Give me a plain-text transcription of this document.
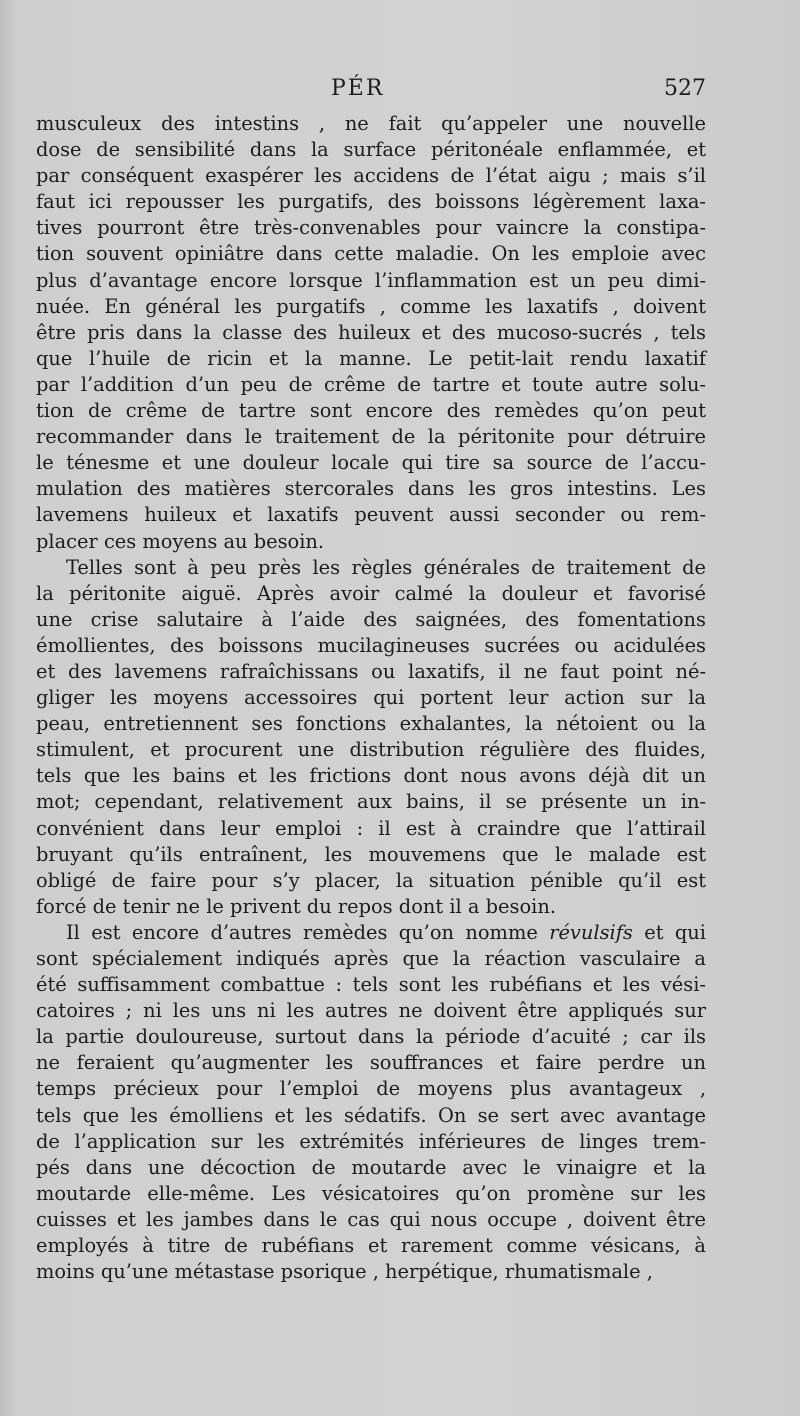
PÉR	527
musculeux des intestins , ne fait qu’appeler une nouvelle
dose de sensibilité dans la surface péritonéale enflammée, et
par conséquent exaspérer les accidens de l’état aigu ; mais s’il
faut ici repousser les purgatifs, des boissons légèrement laxa-
tives pourront être très-convenables pour vaincre la constipa-
tion souvent opiniâtre dans cette maladie. On les emploie avec
plus d’avantage encore lorsque l’inflammation est un peu dimi-
nuée. En général les purgatifs , comme les laxatifs , doivent
être pris dans la classe des huileux et des mucoso-sucrés , tels
que l’huile de ricin et la manne. Le petit-lait rendu laxatif
par l’addition d’un peu de crême de tartre et toute autre solu-
tion de crême de tartre sont encore des remèdes qu’on peut
recommander dans le traitement de la péritonite pour détruire
le ténesme et une douleur locale qui tire sa source de l’accu-
mulation des matières stercorales dans les gros intestins. Les
lavemens huileux et laxatifs peuvent aussi seconder ou rem-
placer ces moyens au besoin.
Telles sont à peu près les règles générales de traitement de
la péritonite aiguë. Après avoir calmé la douleur et favorisé
une crise salutaire à l’aide des saignées, des fomentations
émollientes, des boissons mucilagineuses sucrées ou acidulées
et des lavemens rafraîchissans ou laxatifs, il ne faut point né-
gliger les moyens accessoires qui portent leur action sur la
peau, entretiennent ses fonctions exhalantes, la nétoient ou la
stimulent, et procurent une distribution régulière des fluides,
tels que les bains et les frictions dont nous avons déjà dit un
mot; cependant, relativement aux bains, il se présente un in-
convénient dans leur emploi : il est à craindre que l’attirail
bruyant qu’ils entraînent, les mouvemens que le malade est
obligé de faire pour s’y placer, la situation pénible qu’il est
forcé de tenir ne le privent du repos dont il a besoin.
Il est encore d’autres remèdes qu’on nomme révulsifs et qui
sont spécialement indiqués après que la réaction vasculaire a
été suffisamment combattue : tels sont les rubéfians et les vési-
catoires ; ni les uns ni les autres ne doivent être appliqués sur
la partie douloureuse, surtout dans la période d’acuité ; car ils
ne feraient qu’augmenter les souffrances et faire perdre un
temps précieux pour l’emploi de moyens plus avantageux ,
tels que les émolliens et les sédatifs. On se sert avec avantage
de l’application sur les extrémités inférieures de linges trem-
pés dans une décoction de moutarde avec le vinaigre et la
moutarde elle-même. Les vésicatoires qu’on promène sur les
cuisses et les jambes dans le cas qui nous occupe , doivent être
employés à titre de rubéfians et rarement comme vésicans, à
moins qu’une métastase psorique , herpétique, rhumatismale ,
